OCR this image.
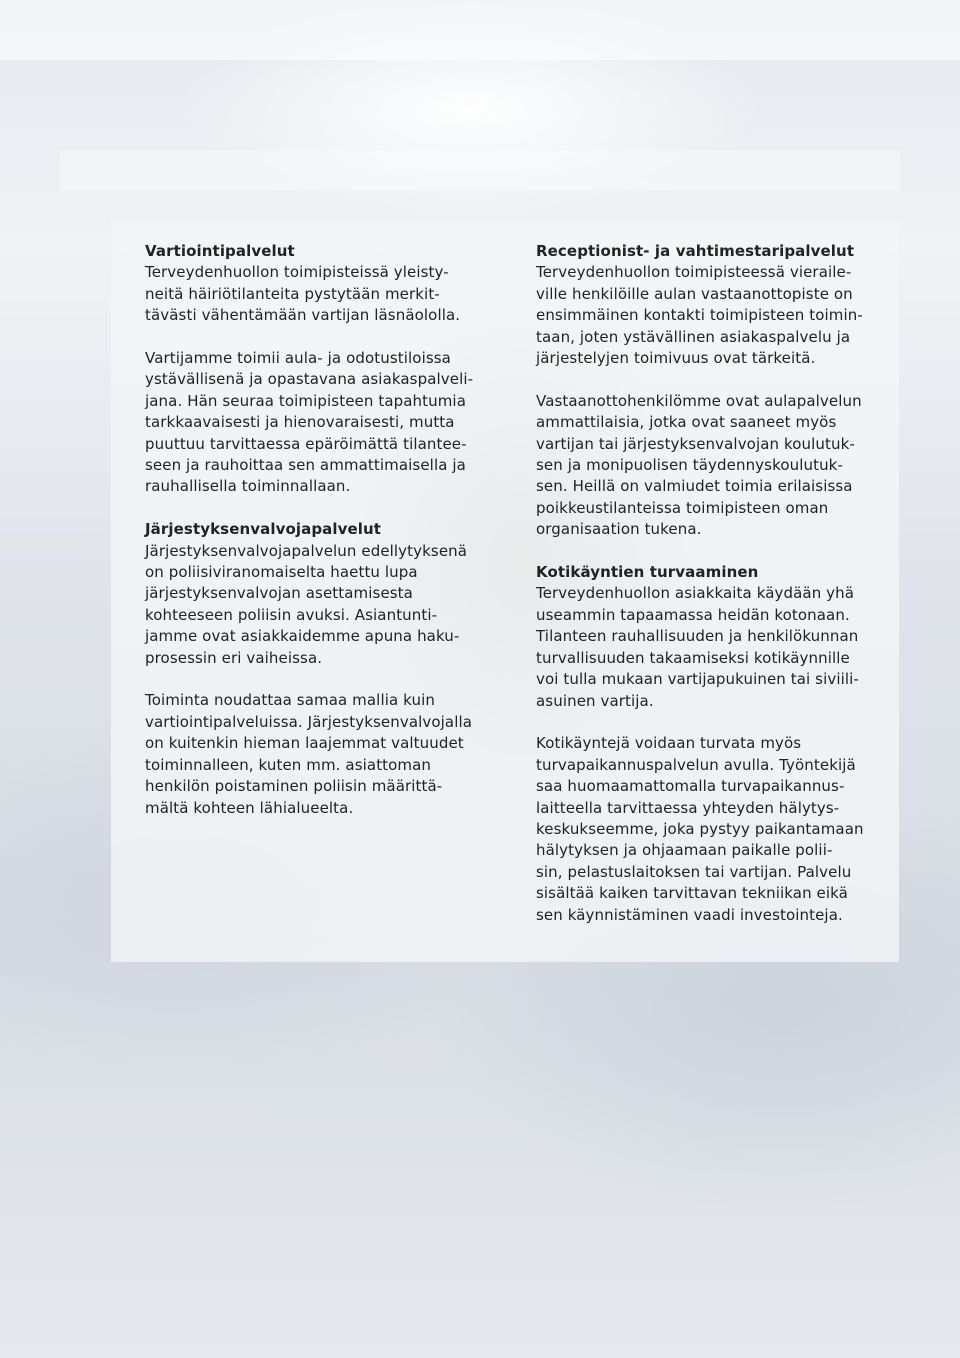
Vartiointipalvelut
Terveydenhuollon toimipisteissä yleisty-
neitä häiriötilanteita pystytään merkit-
tävästi vähentämään vartijan läsnäololla.
Vartijamme toimii aula- ja odotustiloissa
ystävällisenä ja opastavana asiakaspalveli-
jana. Hän seuraa toimipisteen tapahtumia
tarkkaavaisesti ja hienovaraisesti, mutta
puuttuu tarvittaessa epäröimättä tilantee-
seen ja rauhoittaa sen ammattimaisella ja
rauhallisella toiminnallaan.
Järjestyksenvalvojapalvelut
Järjestyksenvalvojapalvelun edellytyksenä
on poliisiviranomaiselta haettu lupa
järjestyksenvalvojan asettamisesta
kohteeseen poliisin avuksi. Asiantunti-
jamme ovat asiakkaidemme apuna haku-
prosessin eri vaiheissa.
Toiminta noudattaa samaa mallia kuin
vartiointipalveluissa. Järjestyksenvalvojalla
on kuitenkin hieman laajemmat valtuudet
toiminnalleen, kuten mm. asiattoman
henkilön poistaminen poliisin määrittä-
mältä kohteen lähialueelta.
Receptionist- ja vahtimestaripalvelut
Terveydenhuollon toimipisteessä vieraile-
ville henkilöille aulan vastaanottopiste on
ensimmäinen kontakti toimipisteen toimin-
taan, joten ystävällinen asiakaspalvelu ja
järjestelyjen toimivuus ovat tärkeitä.
Vastaanottohenkilömme ovat aulapalvelun
ammattilaisia, jotka ovat saaneet myös
vartijan tai järjestyksenvalvojan koulutuk-
sen ja monipuolisen täydennyskoulutuk-
sen. Heillä on valmiudet toimia erilaisissa
poikkeustilanteissa toimipisteen oman
organisaation tukena.
Kotikäyntien turvaaminen
Terveydenhuollon asiakkaita käydään yhä
useammin tapaamassa heidän kotonaan.
Tilanteen rauhallisuuden ja henkilökunnan
turvallisuuden takaamiseksi kotikäynnille
voi tulla mukaan vartijapukuinen tai siviili-
asuinen vartija.
Kotikäyntejä voidaan turvata myös
turvapaikannuspalvelun avulla. Työntekijä
saa huomaamattomalla turvapaikannus-
laitteella tarvittaessa yhteyden hälytys-
keskukseemme, joka pystyy paikantamaan
hälytyksen ja ohjaamaan paikalle polii-
sin, pelastuslaitoksen tai vartijan. Palvelu
sisältää kaiken tarvittavan tekniikan eikä
sen käynnistäminen vaadi investointeja.
